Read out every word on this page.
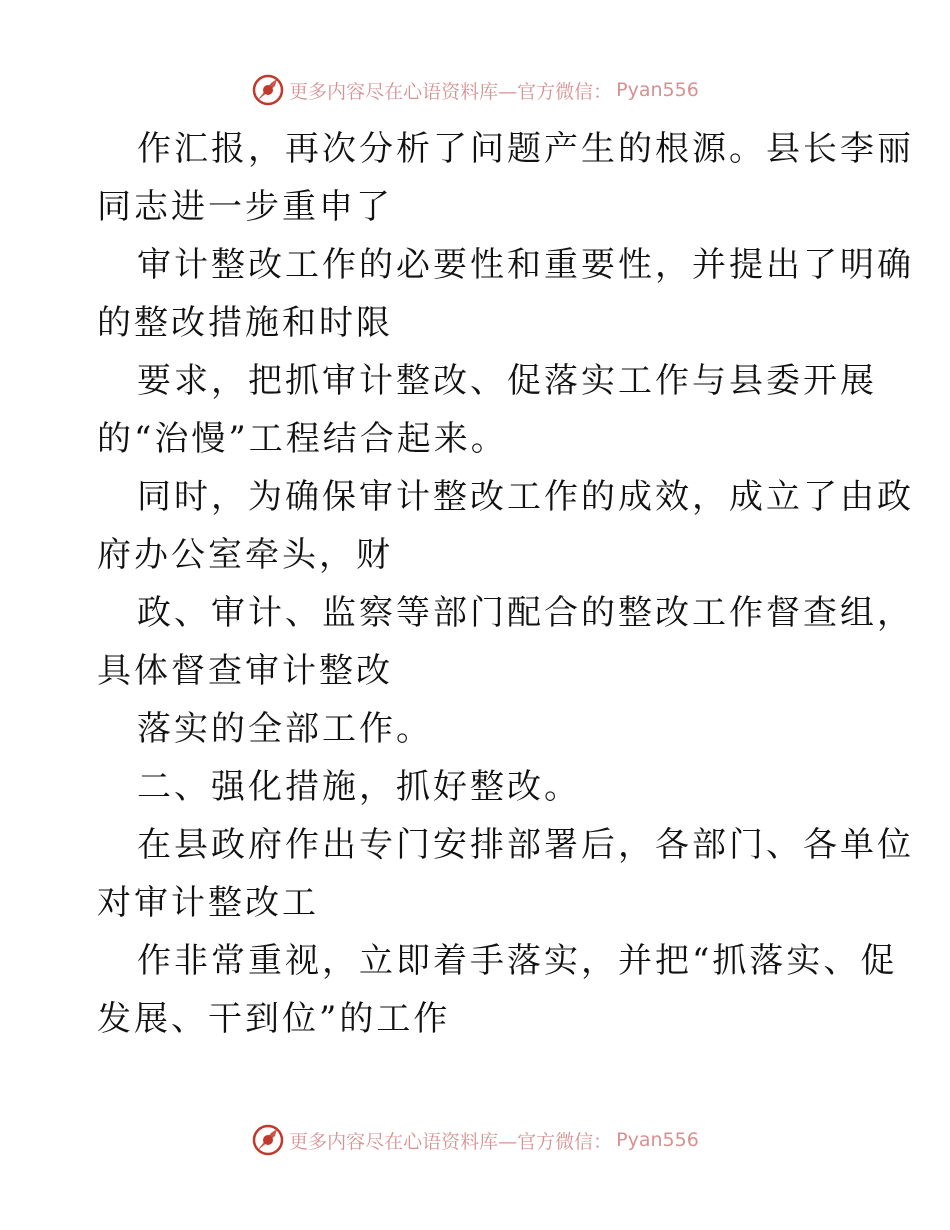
更多内容尽在心语资料库—官方微信： Pyan556
作汇报，再次分析了问题产生的根源。县长李丽
同志进一步重申了
审计整改工作的必要性和重要性，并提出了明确
的整改措施和时限
要求，把抓审计整改、促落实工作与县委开展
的“治慢”工程结合起来。
同时，为确保审计整改工作的成效，成立了由政
府办公室牵头，财
政、审计、监察等部门配合的整改工作督查组，
具体督查审计整改
落实的全部工作。
二、强化措施，抓好整改。
在县政府作出专门安排部署后，各部门、各单位
对审计整改工
作非常重视，立即着手落实，并把“抓落实、促
发展、干到位”的工作
更多内容尽在心语资料库—官方微信： Pyan556
